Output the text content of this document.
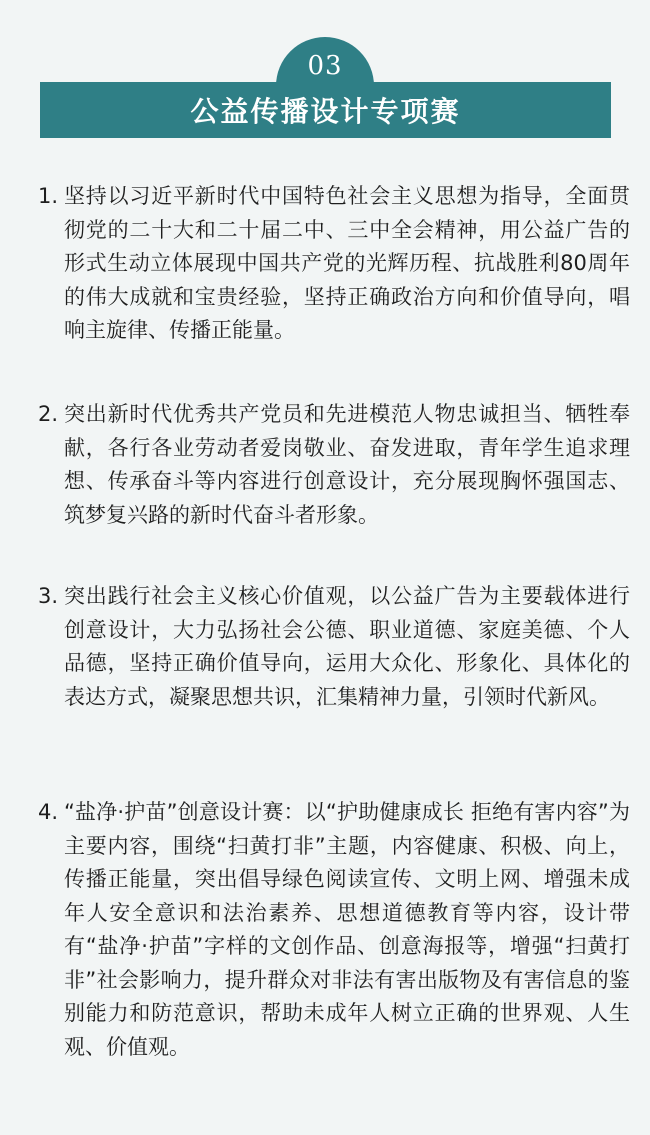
03
公益传播设计专项赛
1. 坚持以习近平新时代中国特色社会主义思想为指导，全面贯彻党的二十大和二十届二中、三中全会精神，用公益广告的形式生动立体展现中国共产党的光辉历程、抗战胜利80周年的伟大成就和宝贵经验，坚持正确政治方向和价值导向，唱响主旋律、传播正能量。
2. 突出新时代优秀共产党员和先进模范人物忠诚担当、牺牲奉献，各行各业劳动者爱岗敬业、奋发进取，青年学生追求理想、传承奋斗等内容进行创意设计，充分展现胸怀强国志、筑梦复兴路的新时代奋斗者形象。
3. 突出践行社会主义核心价值观，以公益广告为主要载体进行创意设计，大力弘扬社会公德、职业道德、家庭美德、个人品德，坚持正确价值导向，运用大众化、形象化、具体化的表达方式，凝聚思想共识，汇集精神力量，引领时代新风。
4. “盐净·护苗”创意设计赛：以“护助健康成长 拒绝有害内容”为主要内容，围绕“扫黄打非”主题，内容健康、积极、向上，传播正能量，突出倡导绿色阅读宣传、文明上网、增强未成年人安全意识和法治素养、思想道德教育等内容，设计带有“盐净·护苗”字样的文创作品、创意海报等，增强“扫黄打非”社会影响力，提升群众对非法有害出版物及有害信息的鉴别能力和防范意识，帮助未成年人树立正确的世界观、人生观、价值观。
